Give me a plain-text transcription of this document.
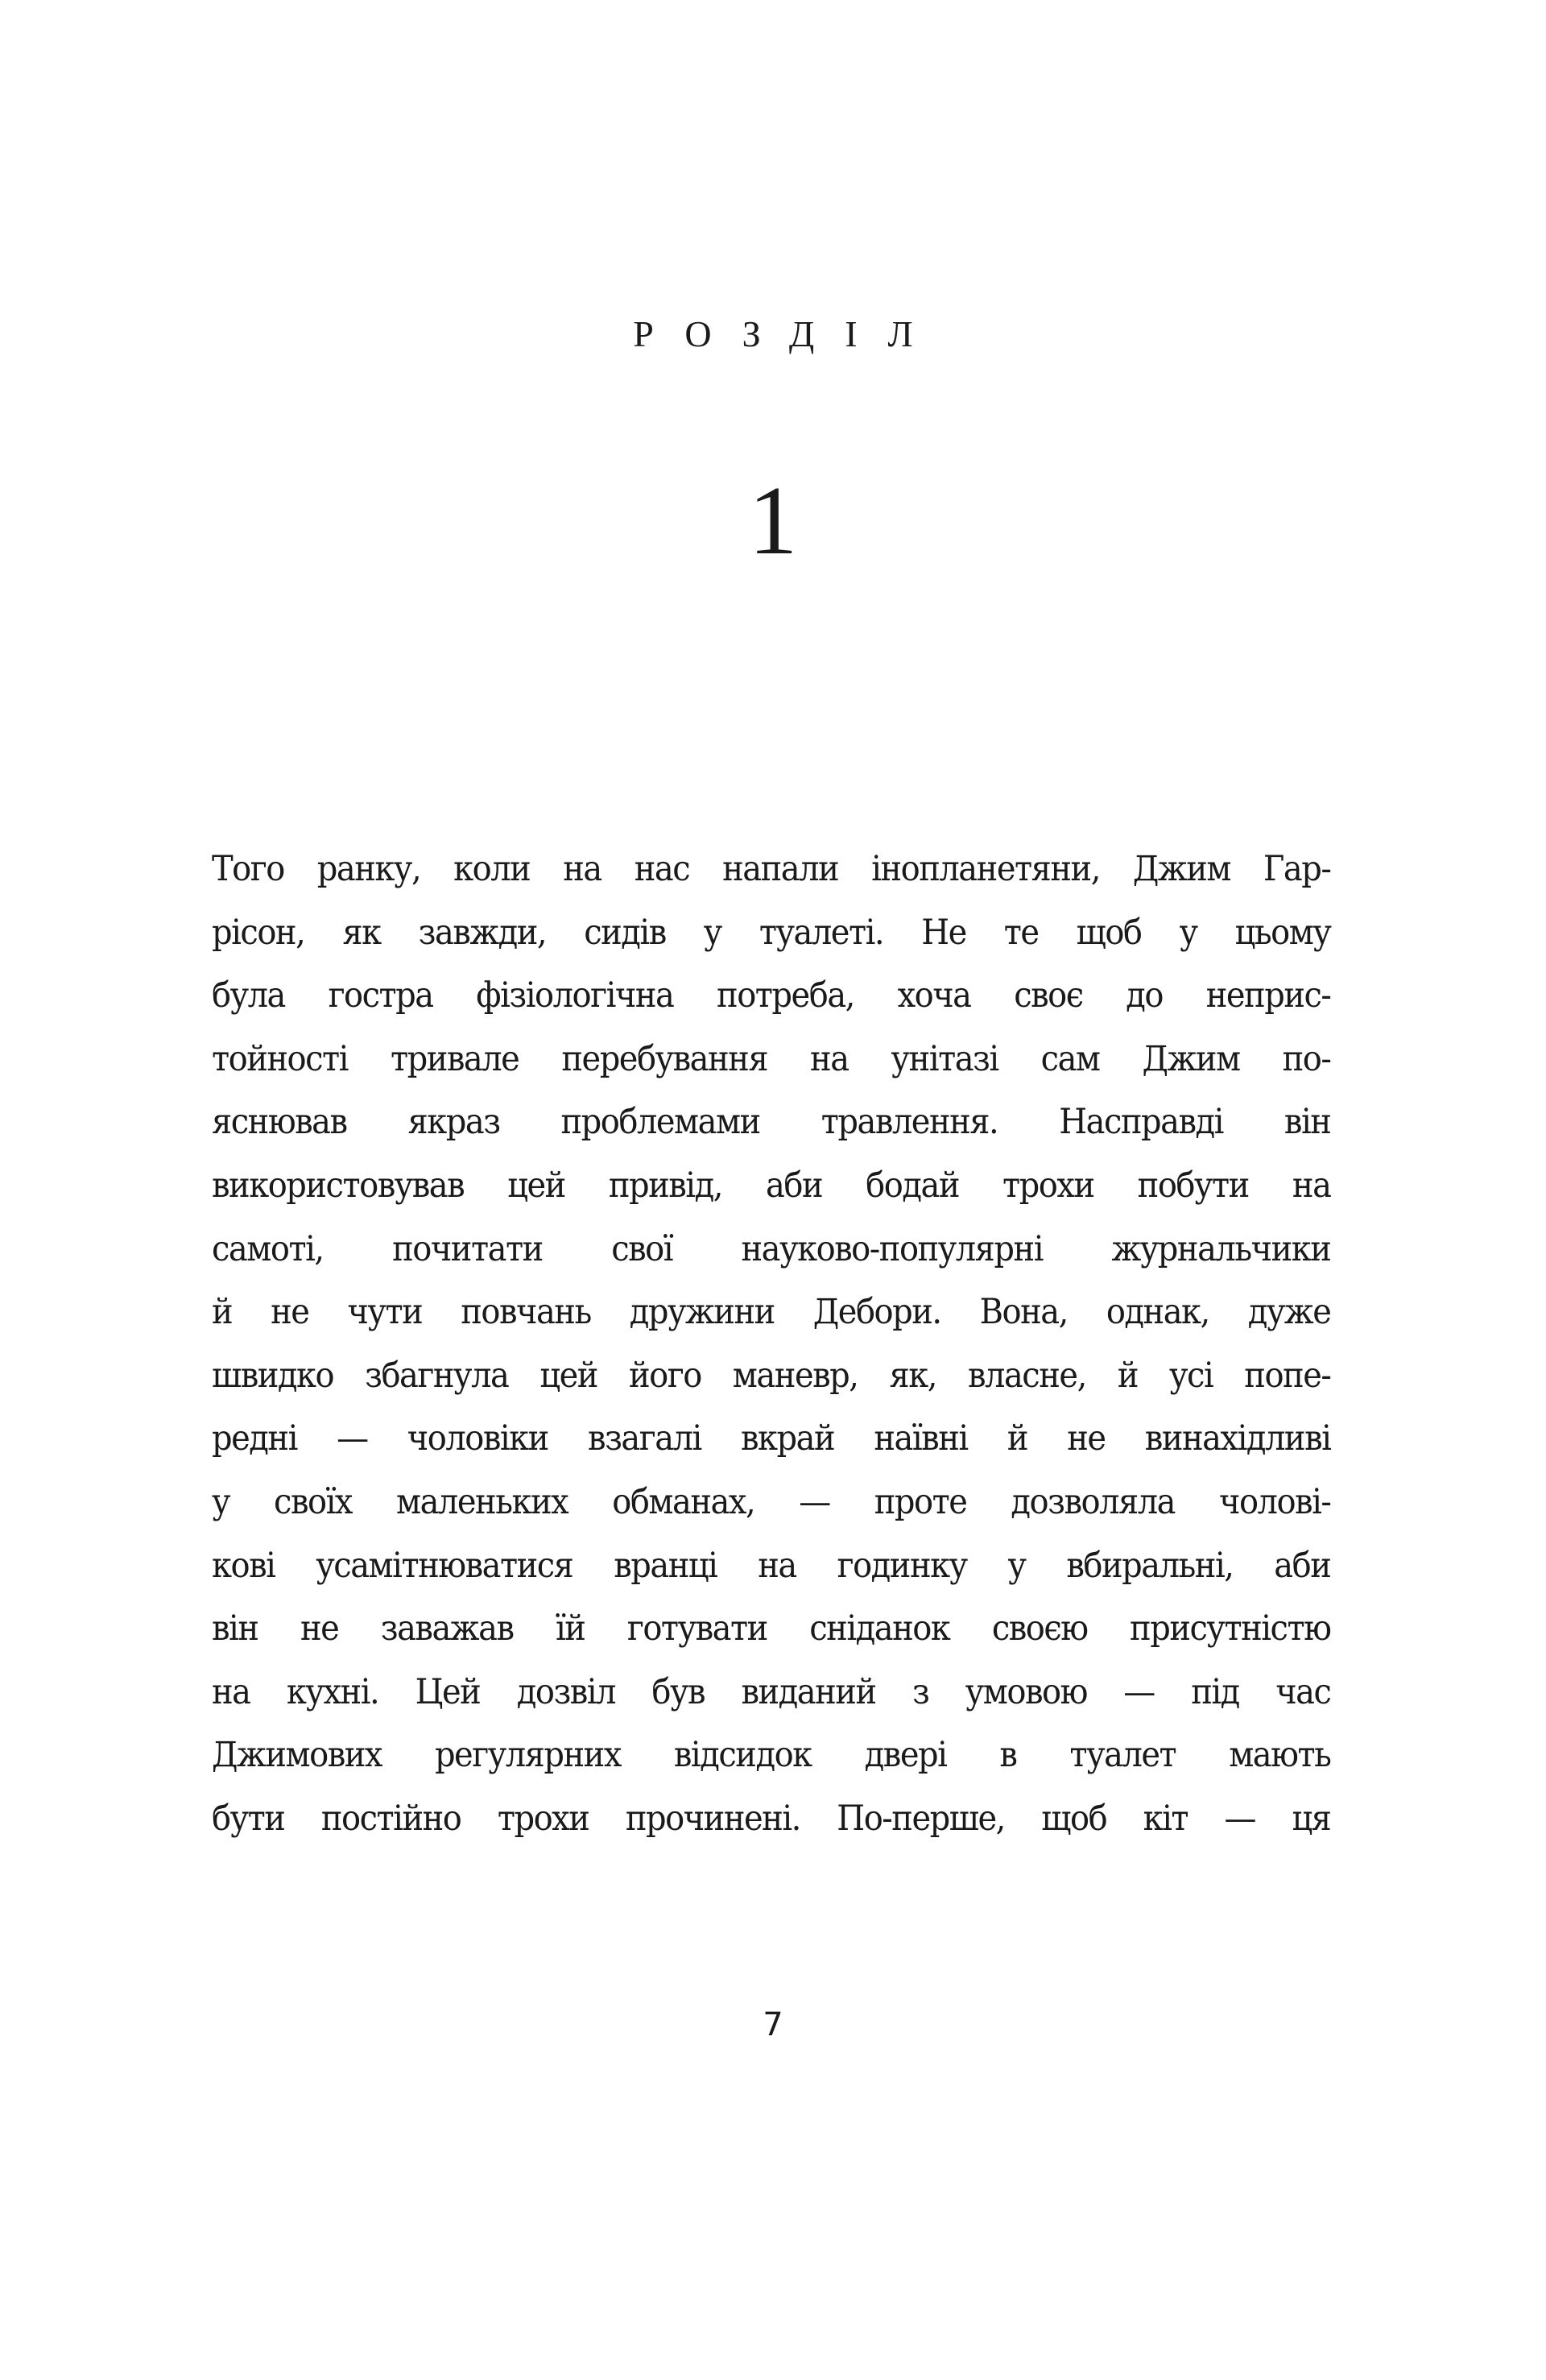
РОЗДІЛ
1
Того ранку, коли на нас напали інопланетяни, Джим Гар-
рісон, як завжди, сидів у туалеті. Не те щоб у цьому
була гостра фізіологічна потреба, хоча своє до неприс-
тойності тривале перебування на унітазі сам Джим по-
яснював якраз проблемами травлення. Насправді він
використовував цей привід, аби бодай трохи побути на
самоті, почитати свої науково-популярні журнальчики
й не чути повчань дружини Дебори. Вона, однак, дуже
швидко збагнула цей його маневр, як, власне, й усі попе-
редні — чоловіки взагалі вкрай наївні й не винахідливі
у своїх маленьких обманах, — проте дозволяла чолові-
кові усамітнюватися вранці на годинку у вбиральні, аби
він не заважав їй готувати сніданок своєю присутністю
на кухні. Цей дозвіл був виданий з умовою — під час
Джимових регулярних відсидок двері в туалет мають
бути постійно трохи прочинені. По-перше, щоб кіт — ця
7
